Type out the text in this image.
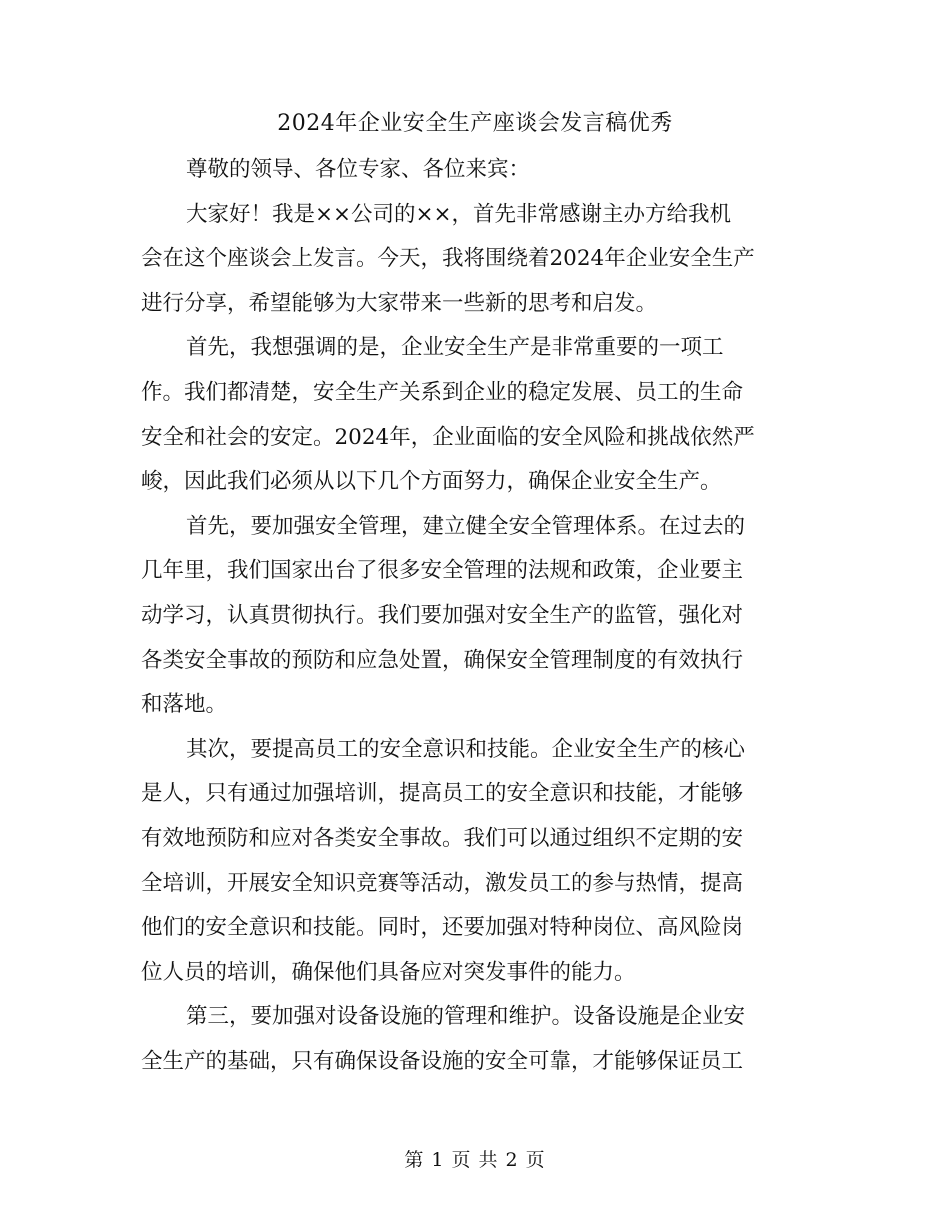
2024年企业安全生产座谈会发言稿优秀
尊敬的领导、各位专家、各位来宾：
大家好！我是××公司的××，首先非常感谢主办方给我机
会在这个座谈会上发言。今天，我将围绕着2024年企业安全生产
进行分享，希望能够为大家带来一些新的思考和启发。
首先，我想强调的是，企业安全生产是非常重要的一项工
作。我们都清楚，安全生产关系到企业的稳定发展、员工的生命
安全和社会的安定。2024年，企业面临的安全风险和挑战依然严
峻，因此我们必须从以下几个方面努力，确保企业安全生产。
首先，要加强安全管理，建立健全安全管理体系。在过去的
几年里，我们国家出台了很多安全管理的法规和政策，企业要主
动学习，认真贯彻执行。我们要加强对安全生产的监管，强化对
各类安全事故的预防和应急处置，确保安全管理制度的有效执行
和落地。
其次，要提高员工的安全意识和技能。企业安全生产的核心
是人，只有通过加强培训，提高员工的安全意识和技能，才能够
有效地预防和应对各类安全事故。我们可以通过组织不定期的安
全培训，开展安全知识竞赛等活动，激发员工的参与热情，提高
他们的安全意识和技能。同时，还要加强对特种岗位、高风险岗
位人员的培训，确保他们具备应对突发事件的能力。
第三，要加强对设备设施的管理和维护。设备设施是企业安
全生产的基础，只有确保设备设施的安全可靠，才能够保证员工
第 1 页 共 2 页
